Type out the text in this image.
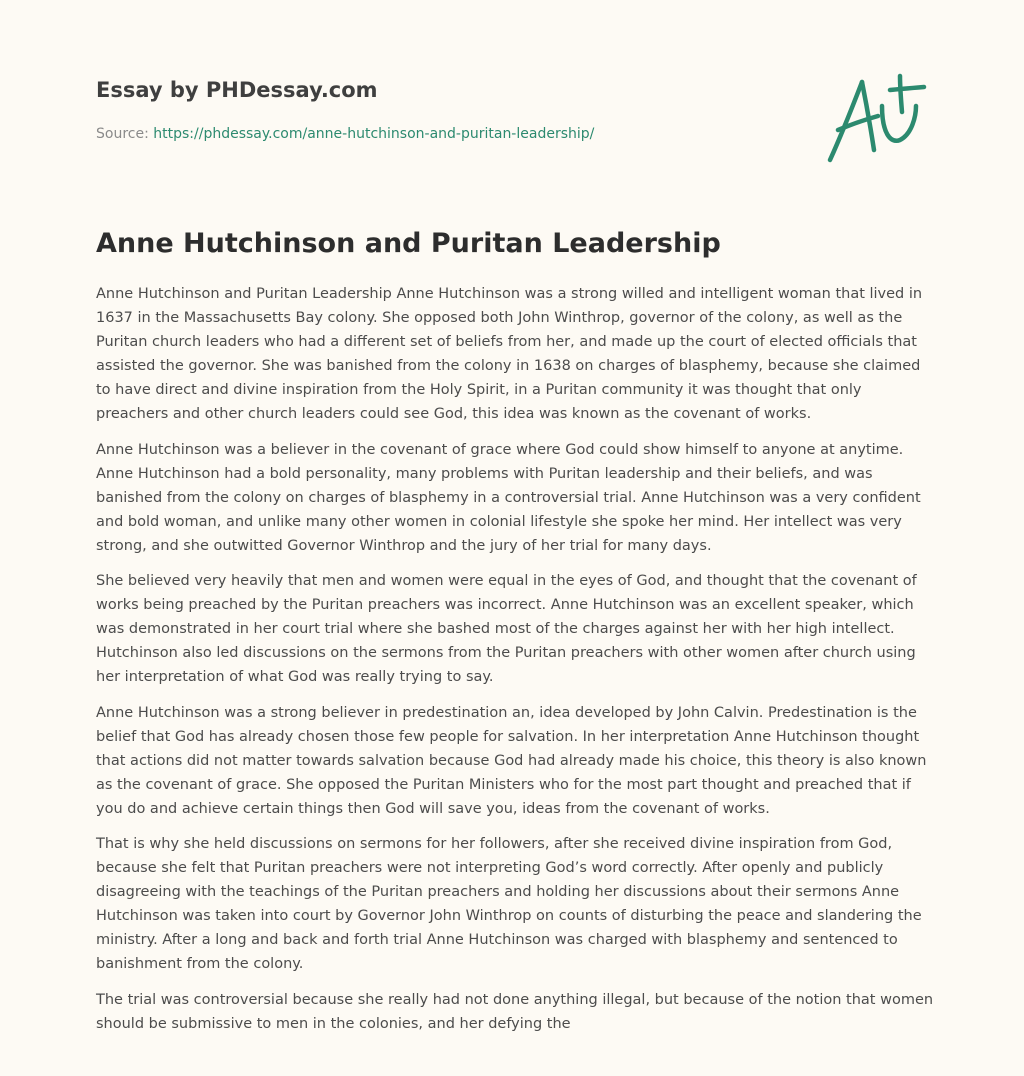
Essay by PHDessay.com
Source: https://phdessay.com/anne-hutchinson-and-puritan-leadership/
Anne Hutchinson and Puritan Leadership

Anne Hutchinson and Puritan Leadership Anne Hutchinson was a strong willed and intelligent woman that lived in 1637 in the Massachusetts Bay colony. She opposed both John Winthrop, governor of the colony, as well as the Puritan church leaders who had a different set of beliefs from her, and made up the court of elected officials that assisted the governor. She was banished from the colony in 1638 on charges of blasphemy, because she claimed to have direct and divine inspiration from the Holy Spirit, in a Puritan community it was thought that only preachers and other church leaders could see God, this idea was known as the covenant of works.

Anne Hutchinson was a believer in the covenant of grace where God could show himself to anyone at anytime. Anne Hutchinson had a bold personality, many problems with Puritan leadership and their beliefs, and was banished from the colony on charges of blasphemy in a controversial trial. Anne Hutchinson was a very confident and bold woman, and unlike many other women in colonial lifestyle she spoke her mind. Her intellect was very strong, and she outwitted Governor Winthrop and the jury of her trial for many days.

She believed very heavily that men and women were equal in the eyes of God, and thought that the covenant of works being preached by the Puritan preachers was incorrect. Anne Hutchinson was an excellent speaker, which was demonstrated in her court trial where she bashed most of the charges against her with her high intellect. Hutchinson also led discussions on the sermons from the Puritan preachers with other women after church using her interpretation of what God was really trying to say.

Anne Hutchinson was a strong believer in predestination an, idea developed by John Calvin. Predestination is the belief that God has already chosen those few people for salvation. In her interpretation Anne Hutchinson thought that actions did not matter towards salvation because God had already made his choice, this theory is also known as the covenant of grace. She opposed the Puritan Ministers who for the most part thought and preached that if you do and achieve certain things then God will save you, ideas from the covenant of works.

That is why she held discussions on sermons for her followers, after she received divine inspiration from God, because she felt that Puritan preachers were not interpreting God’s word correctly. After openly and publicly disagreeing with the teachings of the Puritan preachers and holding her discussions about their sermons Anne Hutchinson was taken into court by Governor John Winthrop on counts of disturbing the peace and slandering the ministry. After a long and back and forth trial Anne Hutchinson was charged with blasphemy and sentenced to banishment from the colony.

The trial was controversial because she really had not done anything illegal, but because of the notion that women should be submissive to men in the colonies, and her defying the
